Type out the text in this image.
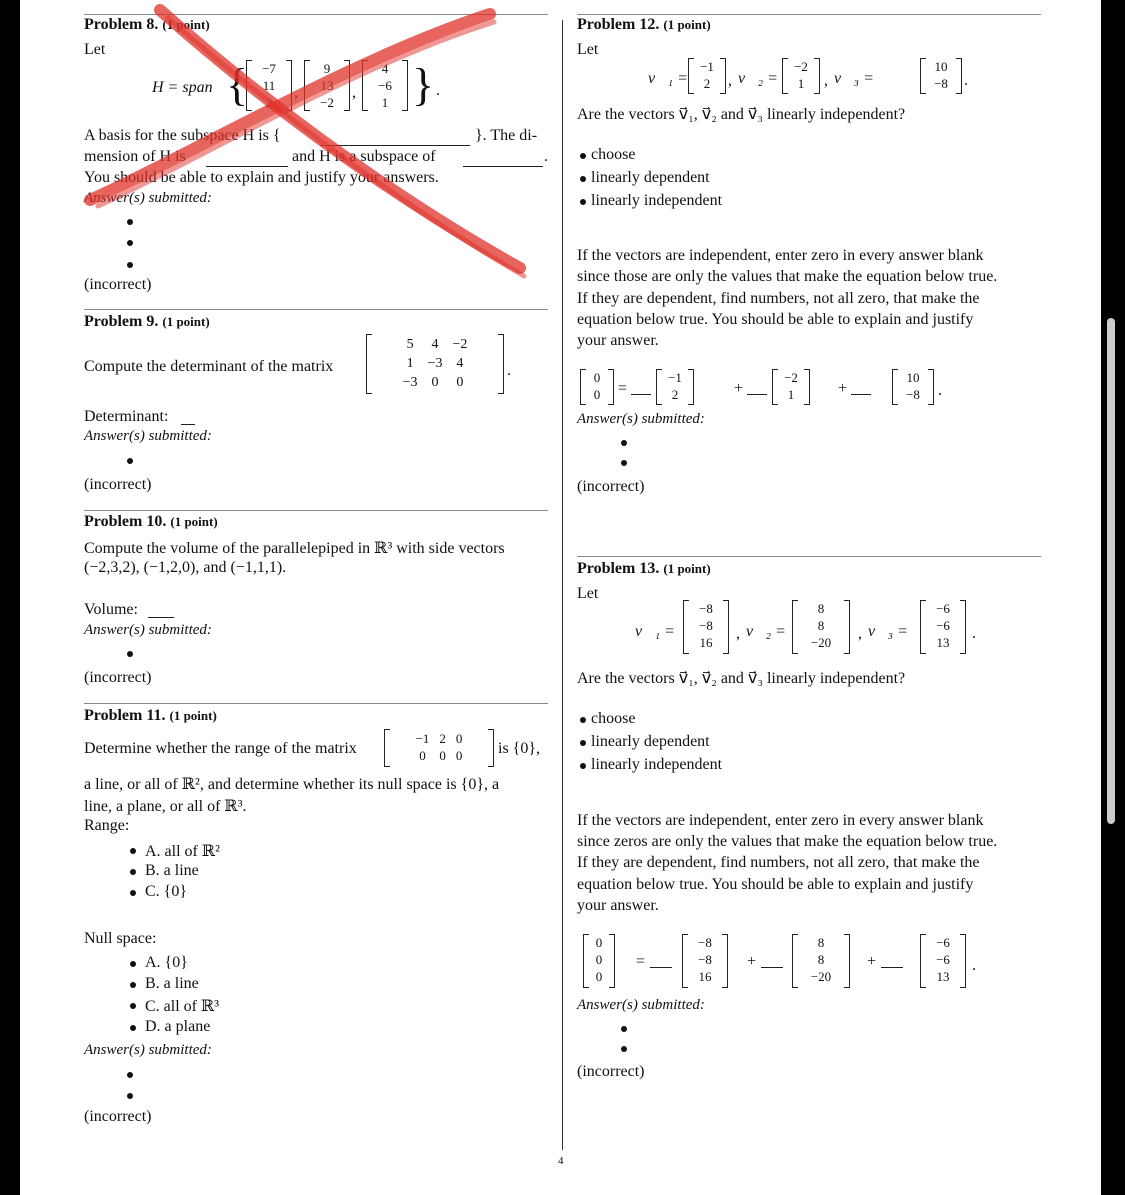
Problem 8. (1 point)
Let
H = span { −7
11
2
,
9
13
−2
,
4
−6
1 } .
A basis for the subspace H is {	}. The di-
mension of H is	and H is a subspace of	.
You should be able to explain and justify your answers.
Answer(s) submitted:
(incorrect)
Problem 9. (1 point)
Compute the determinant of the matrix
5	4	−2
1	−3	4
−3	0	0
.
Determinant:
Answer(s) submitted:
(incorrect)
Problem 10. (1 point)
Compute the volume of the parallelepiped in ℝ³ with side vectors
(−2,3,2), (−1,2,0), and (−1,1,1).
Volume:
Answer(s) submitted:
(incorrect)
Problem 11. (1 point)
Determine whether the range of the matrix
−1	2	0
0	0	0 is {0},
a line, or all of ℝ², and determine whether its null space is {0}, a
line, a plane, or all of ℝ³.
Range:
A. all of ℝ²
B. a line
C. {0}
Null space:
A. {0}
B. a line
C. all of ℝ³
D. a plane
Answer(s) submitted:
(incorrect)
4
Problem 12. (1 point)
Let
v⃗₁ =
−1
2 , v⃗₂ =
−2
1 , v⃗₃ =
10
−8 .
Are the vectors v⃗₁, v⃗₂ and v⃗₃ linearly independent?
choose
linearly dependent
linearly independent
If the vectors are independent, enter zero in every answer blank
since those are only the values that make the equation below true.
If they are dependent, find numbers, not all zero, that make the
equation below true. You should be able to explain and justify
your answer.
0
0 =
−1
2	+
−2
1	+
10
−8 .
Answer(s) submitted:
(incorrect)
Problem 13. (1 point)
Let
v⃗₁ =
−8
−8
16
, v⃗₂ =
8
8
−20
, v⃗₃ =
−6
−6
13
.
Are the vectors v⃗₁, v⃗₂ and v⃗₃ linearly independent?
choose
linearly dependent
linearly independent
If the vectors are independent, enter zero in every answer blank
since zeros are only the values that make the equation below true.
If they are dependent, find numbers, not all zero, that make the
equation below true. You should be able to explain and justify
your answer.
0
0
0
=
−8
−8
16
+
8
8
−20
+
−6
−6
13
.
Answer(s) submitted:
(incorrect)
